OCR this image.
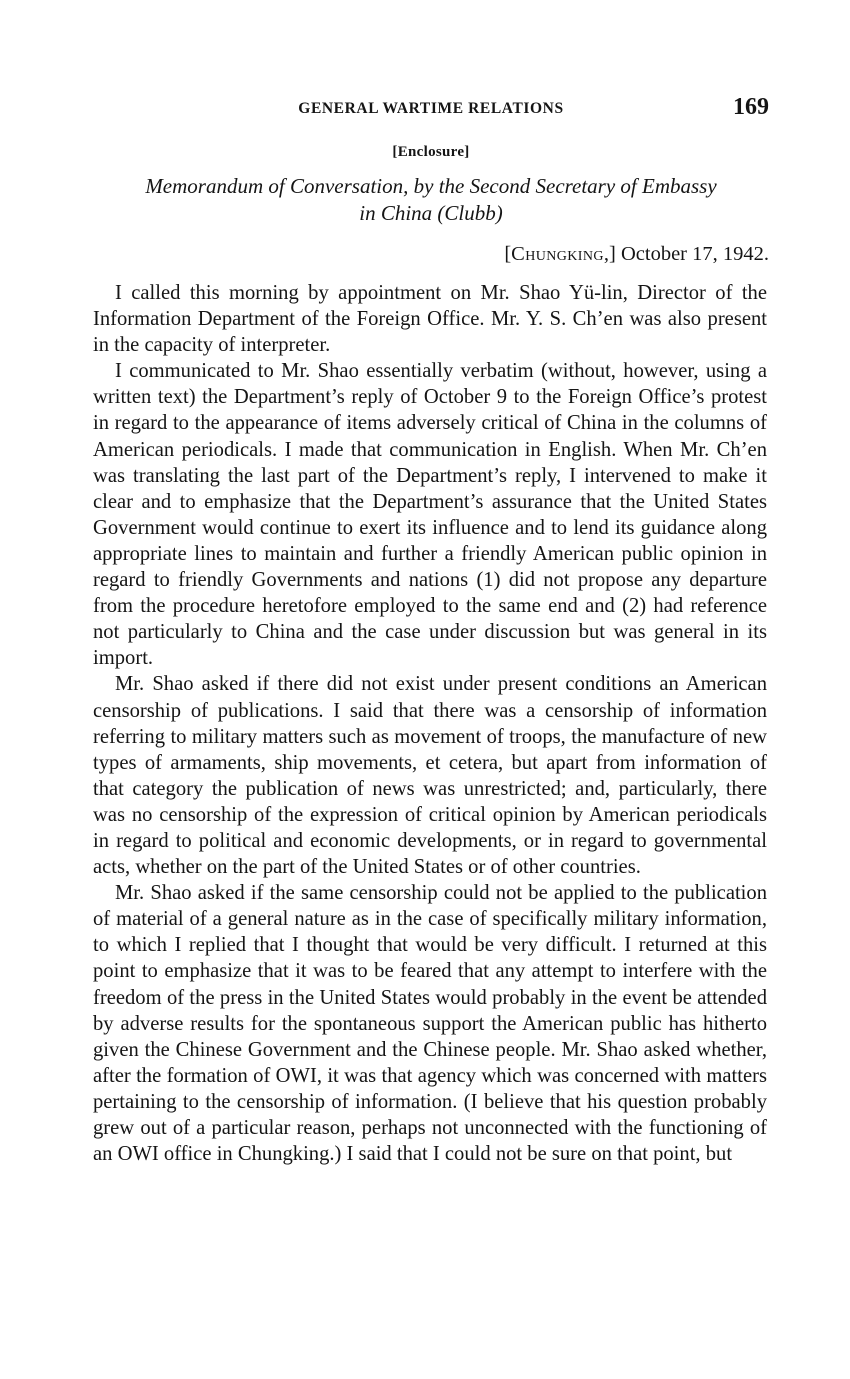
GENERAL WARTIME RELATIONS	169
[Enclosure]
Memorandum of Conversation, by the Second Secretary of Embassy
in China (Clubb)
[Chungking,] October 17, 1942.

I called this morning by appointment on Mr. Shao Yü-lin, Director of the Information Department of the Foreign Office. Mr. Y. S. Ch’en was also present in the capacity of interpreter.

I communicated to Mr. Shao essentially verbatim (without, however, using a written text) the Department’s reply of October 9 to the Foreign Office’s protest in regard to the appearance of items adversely critical of China in the columns of American periodicals. I made that communication in English. When Mr. Ch’en was translating the last part of the Department’s reply, I intervened to make it clear and to emphasize that the Department’s assurance that the United States Government would continue to exert its influence and to lend its guidance along appropriate lines to maintain and further a friendly American public opinion in regard to friendly Governments and nations (1) did not propose any departure from the procedure heretofore employed to the same end and (2) had reference not particularly to China and the case under discussion but was general in its import.

Mr. Shao asked if there did not exist under present conditions an American censorship of publications. I said that there was a censorship of information referring to military matters such as movement of troops, the manufacture of new types of armaments, ship movements, et cetera, but apart from information of that category the publication of news was unrestricted; and, particularly, there was no censorship of the expression of critical opinion by American periodicals in regard to political and economic developments, or in regard to governmental acts, whether on the part of the United States or of other countries.

Mr. Shao asked if the same censorship could not be applied to the publication of material of a general nature as in the case of specifically military information, to which I replied that I thought that would be very difficult. I returned at this point to emphasize that it was to be feared that any attempt to interfere with the freedom of the press in the United States would probably in the event be attended by adverse results for the spontaneous support the American public has hitherto given the Chinese Government and the Chinese people. Mr. Shao asked whether, after the formation of OWI, it was that agency which was concerned with matters pertaining to the censorship of information. (I believe that his question probably grew out of a particular reason, perhaps not unconnected with the functioning of an OWI office in Chungking.) I said that I could not be sure on that point, but
